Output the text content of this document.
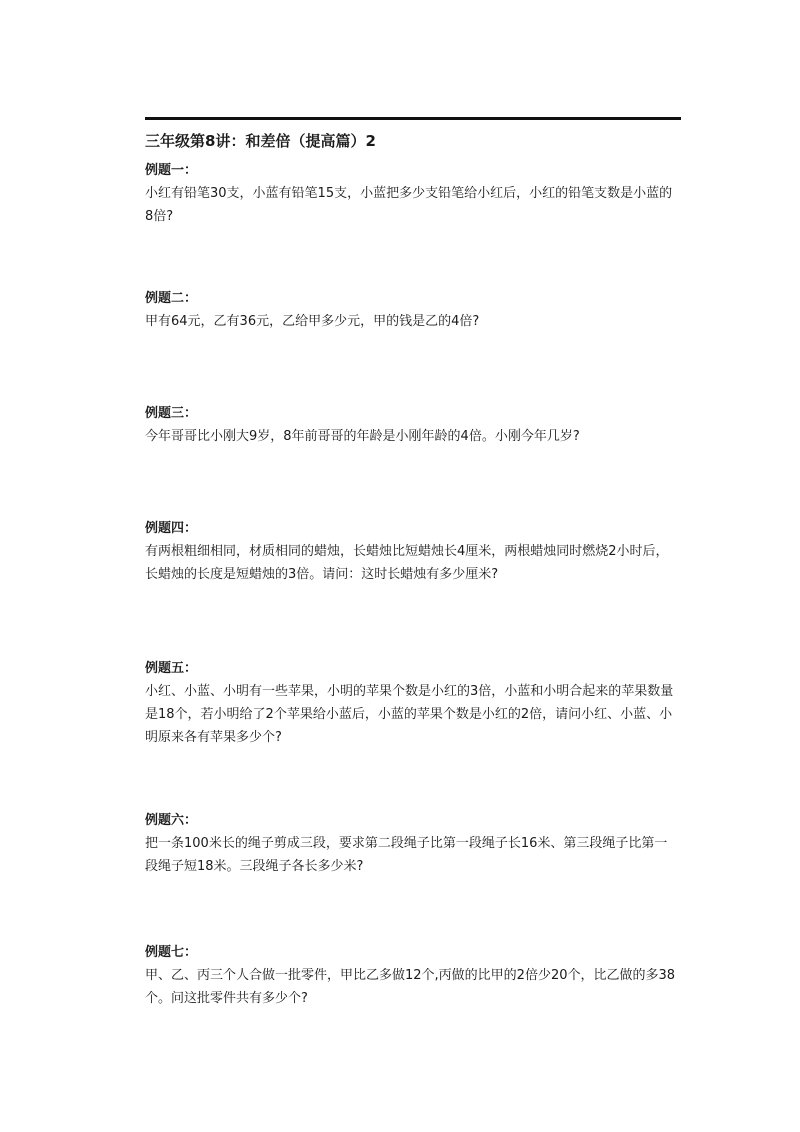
三年级第8讲：和差倍（提高篇）2

例题一：

小红有铅笔30支，小蓝有铅笔15支，小蓝把多少支铅笔给小红后，小红的铅笔支数是小蓝的8倍?

例题二：

甲有64元，乙有36元，乙给甲多少元，甲的钱是乙的4倍?

例题三：

今年哥哥比小刚大9岁，8年前哥哥的年龄是小刚年龄的4倍。小刚今年几岁?

例题四：

有两根粗细相同，材质相同的蜡烛，长蜡烛比短蜡烛长4厘米，两根蜡烛同时燃烧2小时后，长蜡烛的长度是短蜡烛的3倍。请问：这时长蜡烛有多少厘米?

例题五：

小红、小蓝、小明有一些苹果，小明的苹果个数是小红的3倍，小蓝和小明合起来的苹果数量是18个，若小明给了2个苹果给小蓝后，小蓝的苹果个数是小红的2倍，请问小红、小蓝、小明原来各有苹果多少个?

例题六：

把一条100米长的绳子剪成三段，要求第二段绳子比第一段绳子长16米、第三段绳子比第一段绳子短18米。三段绳子各长多少米?

例题七：

甲、乙、丙三个人合做一批零件，甲比乙多做12个,丙做的比甲的2倍少20个，比乙做的多38个。问这批零件共有多少个?
